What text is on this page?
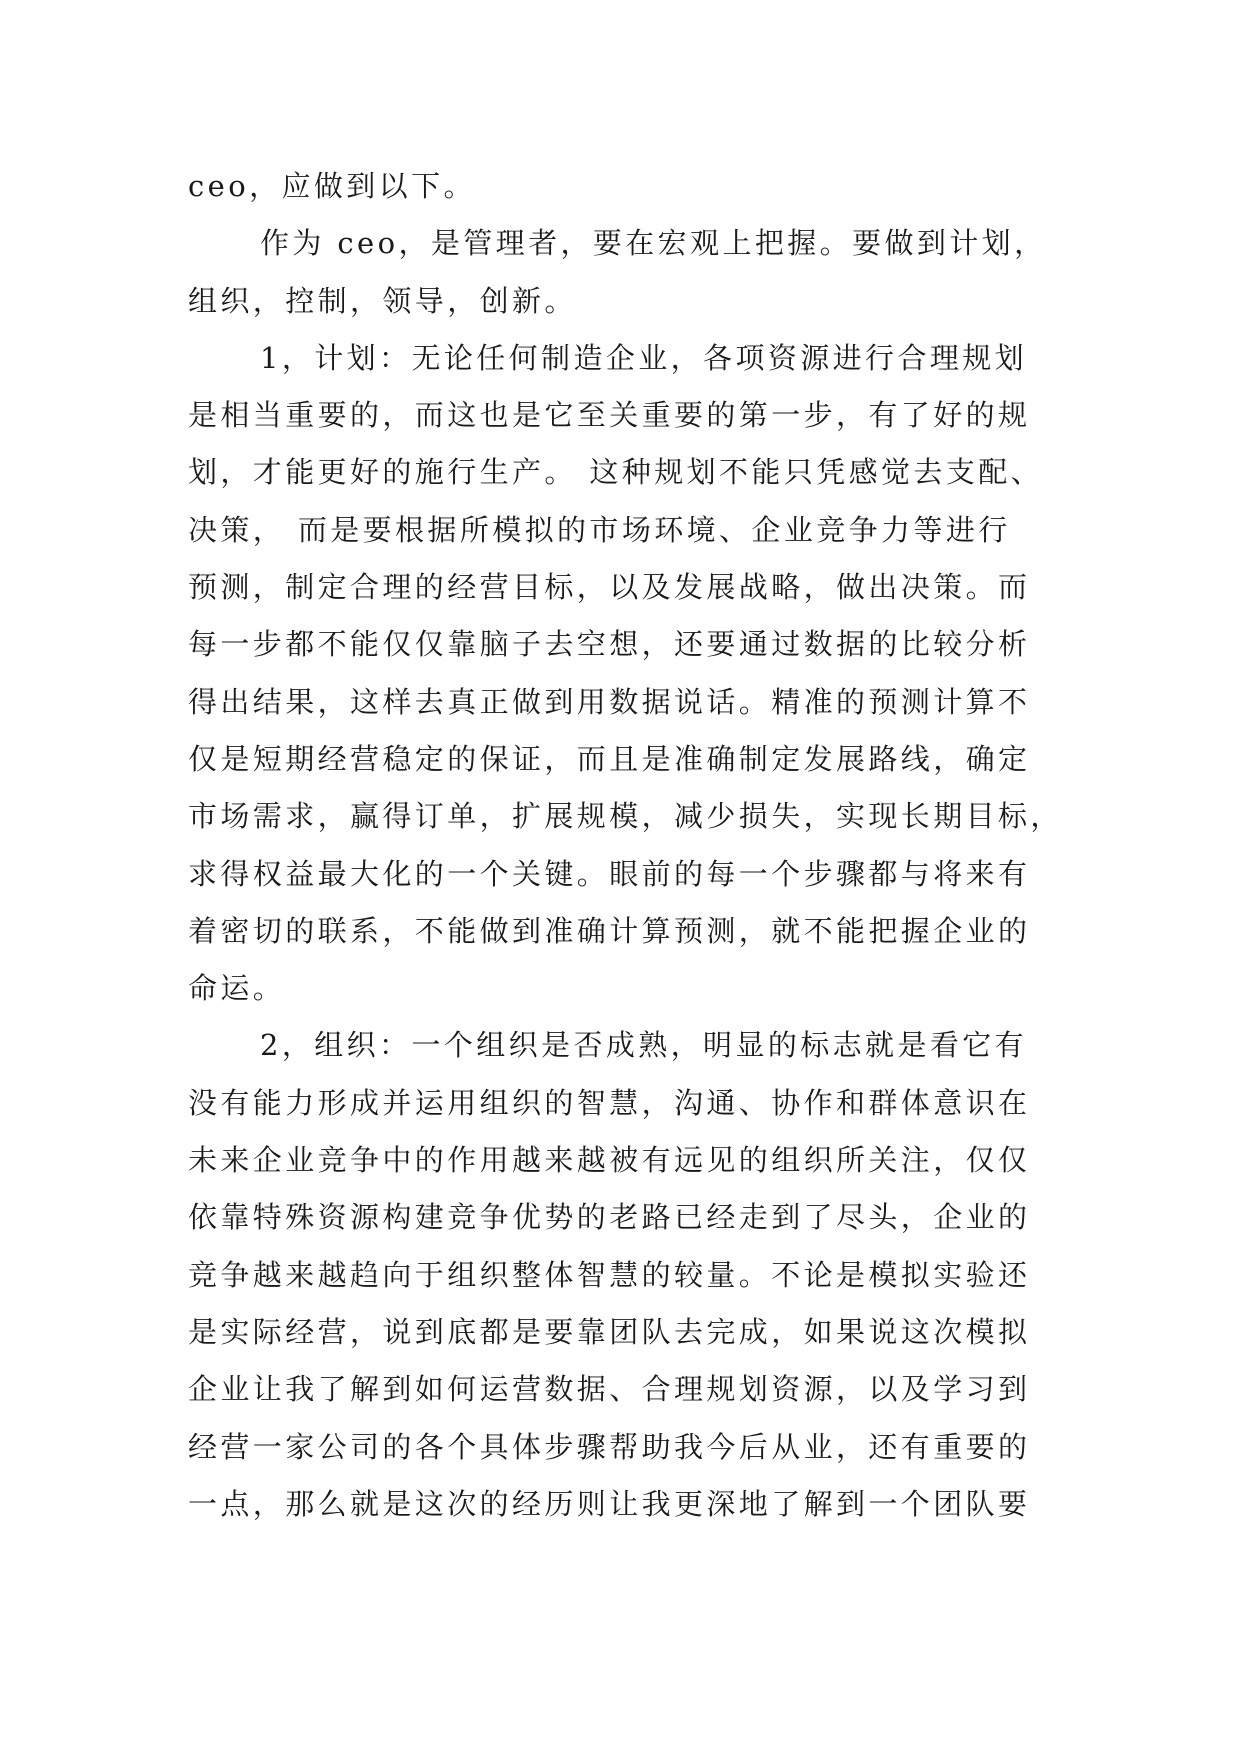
ceo，应做到以下。
作为 ceo，是管理者，要在宏观上把握。要做到计划，
组织，控制，领导，创新。
1，计划：无论任何制造企业，各项资源进行合理规划
是相当重要的，而这也是它至关重要的第一步，有了好的规
划，才能更好的施行生产。 这种规划不能只凭感觉去支配、
决策， 而是要根据所模拟的市场环境、企业竞争力等进行
预测，制定合理的经营目标，以及发展战略，做出决策。而
每一步都不能仅仅靠脑子去空想，还要通过数据的比较分析
得出结果，这样去真正做到用数据说话。精准的预测计算不
仅是短期经营稳定的保证，而且是准确制定发展路线，确定
市场需求，赢得订单，扩展规模，减少损失，实现长期目标，
求得权益最大化的一个关键。眼前的每一个步骤都与将来有
着密切的联系，不能做到准确计算预测，就不能把握企业的
命运。
2，组织：一个组织是否成熟，明显的标志就是看它有
没有能力形成并运用组织的智慧，沟通、协作和群体意识在
未来企业竞争中的作用越来越被有远见的组织所关注，仅仅
依靠特殊资源构建竞争优势的老路已经走到了尽头，企业的
竞争越来越趋向于组织整体智慧的较量。不论是模拟实验还
是实际经营，说到底都是要靠团队去完成，如果说这次模拟
企业让我了解到如何运营数据、合理规划资源，以及学习到
经营一家公司的各个具体步骤帮助我今后从业，还有重要的
一点，那么就是这次的经历则让我更深地了解到一个团队要
